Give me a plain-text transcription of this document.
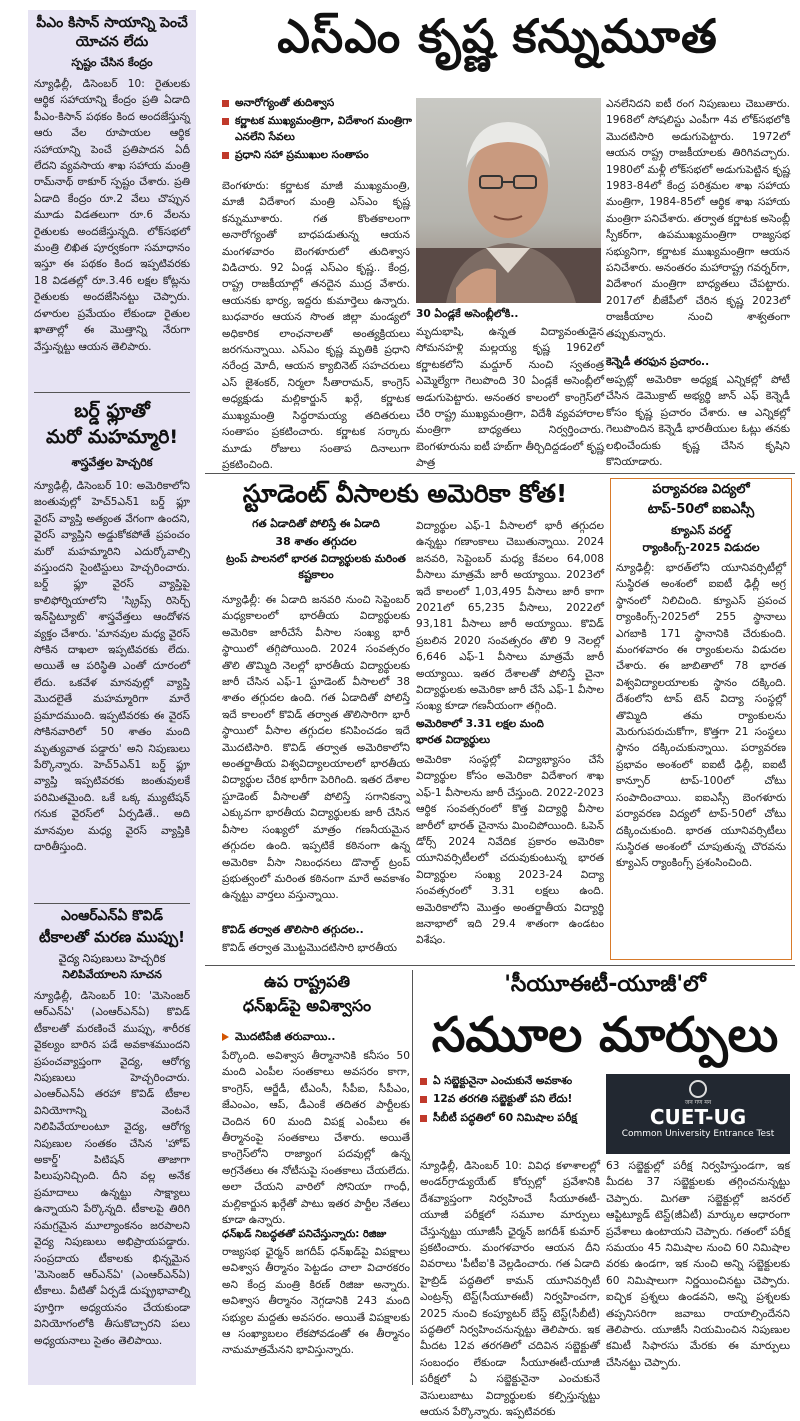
పీఎం కిసాన్ సాయాన్ని పెంచే యోచన లేదు
స్పష్టం చేసిన కేంద్రం
న్యూఢిల్లీ, డిసెంబర్ 10: రైతులకు ఆర్థిక సహాయాన్ని కేంద్రం ప్రతి ఏడాది పీఎం-కిసాన్ పథకం కింద అందజేస్తున్న ఆరు వేల రూపాయల ఆర్థిక సహాయాన్ని పెంచే ప్రతిపాదన ఏదీ లేదని వ్యవసాయ శాఖ సహాయ మంత్రి రామ్‌నాథ్ ఠాకూర్ స్పష్టం చేశారు. ప్రతి ఏడాది కేంద్రం రూ.2 వేలు చొప్పున మూడు విడతలుగా రూ.6 వేలను రైతులకు అందజేస్తున్నది. లోక్‌సభలో మంత్రి లిఖిత పూర్వకంగా సమాధానం ఇస్తూ ఈ పథకం కింద ఇప్పటివరకు 18 విడతల్లో రూ.3.46 లక్షల కోట్లను రైతులకు అందజేసినట్టు చెప్పారు. దళారుల ప్రమేయం లేకుండా రైతుల ఖాతాల్లో ఈ మొత్తాన్ని నేరుగా వేస్తున్నట్టు ఆయన తెలిపారు.
బర్డ్ ఫ్లూతో
మరో మహమ్మారి!
శాస్త్రవేత్తల హెచ్చరిక
న్యూఢిల్లీ, డిసెంబర్ 10: అమెరికాలోని జంతువుల్లో హెచ్5ఎన్1 బర్డ్ ఫ్లూ వైరస్ వ్యాప్తి అత్యంత వేగంగా ఉందని, వైరస్ వ్యాప్తిని అడ్డుకోకపోతే ప్రపంచం మరో మహమ్మారిని ఎదుర్కోవాల్సి వస్తుందని సైంటిస్టులు హెచ్చరించారు. బర్డ్ ఫ్లూ వైరస్ వ్యాప్తిపై కాలిఫోర్నియాలోని 'స్క్రిప్స్ రిసెర్చ్ ఇన్‌స్టిట్యూట్' శాస్త్రవేత్తలు ఆందోళన వ్యక్తం చేశారు. 'మానవుల మధ్య వైరస్ సోకిన దాఖలా ఇప్పటివరకు లేదు. అయితే ఆ పరిస్థితి ఎంతో దూరంలో లేదు. ఒకవేళ మానవుల్లో వ్యాప్తి మొదలైతే మహమ్మారిగా మారే ప్రమాదముంది. ఇప్పటివరకు ఈ వైరస్ సోకినవారిలో 50 శాతం మంది మృత్యువాత పడ్డారు' అని నిపుణులు పేర్కొన్నారు. హెచ్5ఎన్1 బర్డ్ ఫ్లూ వ్యాప్తి ఇప్పటివరకు జంతువులకే పరిమితమైంది. ఒకే ఒక్క మ్యుటేషన్ గనుక వైరస్‌లో ఏర్పడితే.. అది మానవుల మధ్య వైరస్ వ్యాప్తికి దారితీస్తుంది.
ఎంఆర్ఎన్ఏ కొవిడ్
టీకాలతో మరణ ముప్పు!
వైద్య నిపుణులు హెచ్చరిక
నిలిపివేయాలని సూచన
న్యూఢిల్లీ, డిసెంబర్ 10: 'మెసెంజర్ ఆర్ఎన్ఏ' (ఎంఆర్ఎన్ఏ) కొవిడ్ టీకాలతో మరణించే ముప్పు, శారీరక వైకల్యం బారిన పడే అవకాశముందని ప్రపంచవ్యాప్తంగా వైద్య, ఆరోగ్య నిపుణులు హెచ్చరించారు. ఎంఆర్ఎన్ఏ తరహా కొవిడ్ టీకాల వినియోగాన్ని వెంటనే నిలిపివేయాలంటూ వైద్య, ఆరోగ్య నిపుణుల సంతకం చేసిన 'హోప్ అకార్డ్' పిటిషన్ తాజాగా పిలుపునిచ్చింది. దీని వల్ల అనేక ప్రమాదాలు ఉన్నట్టు సాక్ష్యాలు ఉన్నాయని పేర్కొన్నది. టీకాలపై తిరిగి సమగ్రమైన మూల్యాంకనం జరపాలని వైద్య నిపుణులు అభిప్రాయపడ్డారు. సంప్రదాయ టీకాలకు భిన్నమైన 'మెసెంజర్ ఆర్ఎన్ఏ' (ఎంఆర్ఎన్ఏ) టీకాలు. వీటితో ఏర్పడే దుష్ప్రభావాల్ని పూర్తిగా అధ్యయనం చేయకుండా వినియోగంలోకి తీసుకొచ్చారని పలు అధ్యయనాలు సైతం తెలిపాయి.
ఎస్ఎం కృష్ణ కన్నుమూత
అనారోగ్యంతో తుదిశ్వాస
కర్ణాటక ముఖ్యమంత్రిగా, విదేశాంగ మంత్రిగా ఎనలేని సేవలు
ప్రధాని సహా ప్రముఖుల సంతాపం
బెంగళూరు: కర్ణాటక మాజీ ముఖ్యమంత్రి, మాజీ విదేశాంగ మంత్రి ఎస్ఎం కృష్ణ కన్నుమూశారు. గత కొంతకాలంగా అనారోగ్యంతో బాధపడుతున్న ఆయన మంగళవారం బెంగళూరులో తుదిశ్వాస విడిచారు. 92 ఏండ్ల ఎస్ఎం కృష్ణ.. కేంద్ర, రాష్ట్ర రాజకీయాల్లో తనదైన ముద్ర వేశారు. ఆయనకు భార్య, ఇద్దరు కుమార్తెలు ఉన్నారు. బుధవారం ఆయన సొంత జిల్లా మండ్యలో అధికారిక లాంఛనాలతో అంత్యక్రియలు జరగనున్నాయి. ఎస్ఎం కృష్ణ మృతికి ప్రధాని నరేంద్ర మోదీ, ఆయన క్యాబినెట్ సహచరులు ఎస్ జైశంకర్, నిర్మలా సీతారామన్, కాంగ్రెస్ అధ్యక్షుడు మల్లికార్జున్ ఖర్గే, కర్ణాటక ముఖ్యమంత్రి సిద్ధరామయ్య తదితరులు సంతాపం ప్రకటించారు. కర్ణాటక సర్కారు మూడు రోజులు సంతాప దినాలుగా ప్రకటించింది.
30 ఏండ్లకే అసెంబ్లీలోకి..
మృదుభాషి, ఉన్నత విద్యావంతుడైన సోమనహళ్లి మల్లయ్య కృష్ణ 1962లో కర్ణాటకలోని మద్దూర్ నుంచి స్వతంత్ర ఎమ్మెల్యేగా గెలుపొంది 30 ఏండ్లకే అసెంబ్లీలో అడుగుపెట్టారు. అనంతర కాలంలో కాంగ్రెస్‌లో చేరి రాష్ట్ర ముఖ్యమంత్రిగా, విదేశీ వ్యవహారాల మంత్రిగా బాధ్యతలు నిర్వర్తించారు. బెంగళూరును ఐటీ హబ్‌గా తీర్చిదిద్దడంలో కృష్ణ పాత్ర
ఎనలేనిదని ఐటీ రంగ నిపుణులు చెబుతారు. 1968లో సోషలిస్టు ఎంపీగా 4వ లోక్‌సభలోకి మొదటిసారి అడుగుపెట్టారు. 1972లో ఆయన రాష్ట్ర రాజకీయాలకు తిరిగివచ్చారు. 1980లో మళ్లీ లోక్‌సభలో అడుగుపెట్టిన కృష్ణ 1983-84లో కేంద్ర పరిశ్రమల శాఖ సహాయ మంత్రిగా, 1984-85లో ఆర్థిక శాఖ సహాయ మంత్రిగా పనిచేశారు. తర్వాత కర్ణాటక అసెంబ్లీ స్పీకర్‌గా, ఉపముఖ్యమంత్రిగా రాజ్యసభ సభ్యునిగా, కర్ణాటక ముఖ్యమంత్రిగా ఆయన పనిచేశారు. అనంతరం మహారాష్ట్ర గవర్నర్‌గా, విదేశాంగ మంత్రిగా బాధ్యతలు చేపట్టారు. 2017లో బీజేపీలో చేరిన కృష్ణ 2023లో రాజకీయాల నుంచి శాశ్వతంగా తప్పుకున్నారు.
కెన్నెడీ తరఫున ప్రచారం..
అప్పట్లో అమెరికా అధ్యక్ష ఎన్నికల్లో పోటీ చేసిన డెమొక్రాట్ అభ్యర్థి జాన్ ఎఫ్ కెన్నెడీ కోసం కృష్ణ ప్రచారం చేశారు. ఆ ఎన్నికల్లో గెలుపొందిన కెన్నెడీ భారతీయుల ఓట్లు తనకు లభించేందుకు కృష్ణ చేసిన కృషిని కొనియాడారు.
స్టూడెంట్ వీసాలకు అమెరికా కోత!
గత ఏడాదితో పోలిస్తే ఈ ఏడాది
38 శాతం తగ్గుదల
ట్రంప్ పాలనలో భారత విద్యార్థులకు మరింత కష్టకాలం
న్యూఢిల్లీ: ఈ ఏడాది జనవరి నుంచి సెప్టెంబర్ మధ్యకాలంలో భారతీయ విద్యార్థులకు అమెరికా జారీచేసే వీసాల సంఖ్య భారీ స్థాయిలో తగ్గిపోయింది. 2024 సంవత్సరం తొలి తొమ్మిది నెలల్లో భారతీయ విద్యార్థులకు జారీ చేసిన ఎఫ్-1 స్టూడెంట్ వీసాలలో 38 శాతం తగ్గుదల ఉంది. గత ఏడాదితో పోలిస్తే ఇదే కాలంలో కొవిడ్ తర్వాత తొలిసారిగా భారీ స్థాయిలో వీసాల తగ్గుదల కనిపించడం ఇదే మొదటిసారి. కొవిడ్ తర్వాత అమెరికాలోని అంతర్జాతీయ విశ్వవిద్యాలయాలలో భారతీయ విద్యార్థుల చేరిక భారీగా పెరిగింది. ఇతర దేశాల స్టూడెంట్ వీసాలతో పోలిస్తే సగానికన్నా ఎక్కువగా భారతీయ విద్యార్థులకు జారీ చేసిన వీసాల సంఖ్యలో మాత్రం గణనీయమైన తగ్గుదల ఉంది. ఇప్పటికే కఠినంగా ఉన్న అమెరికా వీసా నిబంధనలు డొనాల్డ్ ట్రంప్ ప్రభుత్వంలో మరింత కఠినంగా మారే అవకాశం ఉన్నట్టు వార్తలు వస్తున్నాయి.
కొవిడ్ తర్వాత తొలిసారి తగ్గుదల..
కొవిడ్ తర్వాత మొట్టమొదటిసారి భారతీయ
విద్యార్థుల ఎఫ్-1 వీసాలలో భారీ తగ్గుదల ఉన్నట్టు గణాంకాలు చెబుతున్నాయి. 2024 జనవరి, సెప్టెంబర్ మధ్య కేవలం 64,008 వీసాలు మాత్రమే జారీ అయ్యాయి. 2023లో ఇదే కాలంలో 1,03,495 వీసాలు జారీ కాగా 2021లో 65,235 వీసాలు, 2022లో 93,181 వీసాలు జారీ అయ్యాయి. కొవిడ్ ప్రబలిన 2020 సంవత్సరం తొలి 9 నెలల్లో 6,646 ఎఫ్-1 వీసాలు మాత్రమే జారీ అయ్యాయి. ఇతర దేశాలతో పోలిస్తే చైనా విద్యార్థులకు అమెరికా జారీ చేసే ఎఫ్-1 వీసాల సంఖ్య కూడా గణనీయంగా తగ్గింది.
అమెరికాలో 3.31 లక్షల మంది
భారత విద్యార్థులు
అమెరికా సంస్థల్లో విద్యాభ్యాసం చేసే విద్యార్థుల కోసం అమెరికా విదేశాంగ శాఖ ఎఫ్-1 వీసాలను జారీ చేస్తుంది. 2022-2023 ఆర్థిక సంవత్సరంలో కొత్త విద్యార్థి వీసాల జారీలో భారత్ చైనాను మించిపోయింది. ఓపెన్ డోర్స్ 2024 నివేదిక ప్రకారం అమెరికా యూనివర్సిటీలలో చదువుకుంటున్న భారత విద్యార్థుల సంఖ్య 2023-24 విద్యా సంవత్సరంలో 3.31 లక్షలు ఉంది. అమెరికాలోని మొత్తం అంతర్జాతీయ విద్యార్థి జనాభాలో ఇది 29.4 శాతంగా ఉండటం విశేషం.
పర్యావరణ విద్యలో
టాప్-50లో ఐఐఎస్సీ
క్యూఎస్ వరల్డ్
ర్యాంకింగ్స్-2025 విడుదల
న్యూఢిల్లీ: భారత్‌లోని యూనివర్సిటీల్లో సుస్థిరత అంశంలో ఐఐటీ ఢిల్లీ అగ్ర స్థానంలో నిలిచింది. క్యూఎస్ ప్రపంచ ర్యాంకింగ్స్-2025లో 255 స్థానాలు ఎగబాకి 171 స్థానానికి చేరుకుంది. మంగళవారం ఈ ర్యాంకులను విడుదల చేశారు. ఈ జాబితాలో 78 భారత విశ్వవిద్యాలయాలకు స్థానం దక్కింది. దేశంలోని టాప్ టెన్ విద్యా సంస్థల్లో తొమ్మిది తమ ర్యాంకులను మెరుగుపరుచుకోగా, కొత్తగా 21 సంస్థలు స్థానం దక్కించుకున్నాయి. పర్యావరణ ప్రభావం అంశంలో ఐఐటీ ఢిల్లీ, ఐఐటీ కాన్పూర్ టాప్-100లో చోటు సంపాదించాయి. ఐఐఎస్సీ బెంగళూరు పర్యావరణ విద్యలో టాప్-50లో చోటు దక్కించుకుంది. భారత యూనివర్సిటీలు సుస్థిరత అంశంలో చూపుతున్న చొరవను క్యూఎస్ ర్యాంకింగ్స్ ప్రశంసించింది.
ఉప రాష్ట్రపతి
ధన్‌ఖడ్‌పై అవిశ్వాసం
మొదటిపేజీ తరువాయి..
పేర్కొంది. అవిశ్వాస తీర్మానానికి కనీసం 50 మంది ఎంపీల సంతకాలు అవసరం కాగా, కాంగ్రెస్, ఆర్జేడీ, టీఎంసీ, సీపీఐ, సీపీఎం, జేఎంఎం, ఆప్, డీఎంకే తదితర పార్టీలకు చెందిన 60 మంది విపక్ష ఎంపీలు ఈ తీర్మానంపై సంతకాలు చేశారు. అయితే కాంగ్రెస్‌లోని రాజ్యాంగ పదవుల్లో ఉన్న అగ్రనేతలు ఈ నోటీసుపై సంతకాలు చేయలేదు. అలా చేయని వారిలో సోనియా గాంధీ, మల్లికార్జున ఖర్గేతో పాటు ఇతర పార్టీల నేతలు కూడా ఉన్నారు.
ధన్‌ఖడ్ నిబద్ధతతో పనిచేస్తున్నారు: రిజిజు
రాజ్యసభ ఛైర్మన్ జగదీప్ ధన్‌ఖడ్‌పై విపక్షాలు అవిశ్వాస తీర్మానం పెట్టడం చాలా విచారకరం అని కేంద్ర మంత్రి కిరణ్ రిజిజు అన్నారు. అవిశ్వాస తీర్మానం నెగ్గడానికి 243 మంది సభ్యుల మద్దతు అవసరం. అయితే విపక్షాలకు ఆ సంఖ్యాబలం లేకపోవడంతో ఈ తీర్మానం నామమాత్రమేనని భావిస్తున్నారు.
'సీయూఈటీ-యూజీ'లో
సమూల మార్పులు
ఏ సబ్జెక్టునైనా ఎంచుకునే అవకాశం
12వ తరగతి సబ్జెక్టుతో పని లేదు!
సీబీటీ పద్ధతిలో 60 నిమిషాల పరీక్ష
जन गण मन
CUET-UG
Common University Entrance Test
న్యూఢిల్లీ, డిసెంబర్ 10: వివిధ కళాశాలల్లో అండర్‌గ్రాడ్యుయేట్ కోర్సుల్లో ప్రవేశానికి దేశవ్యాప్తంగా నిర్వహించే సీయూఈటీ-యూజీ పరీక్షలో సమూల మార్పులు చేస్తున్నట్టు యూజీసీ ఛైర్మన్ జగదీశ్ కుమార్ ప్రకటించారు. మంగళవారం ఆయన దీని వివరాలు 'పీటీఐ'కి వెల్లడించారు. గత ఏడాది హైబ్రిడ్ పద్ధతిలో కామన్ యూనివర్సిటీ ఎంట్రన్స్ టెస్ట్(సీయూఈటీ) నిర్వహించగా, 2025 నుంచి కంప్యూటర్ బేస్డ్ టెస్ట్(సీబీటీ) పద్ధతిలో నిర్వహించనున్నట్టు తెలిపారు. ఇక మీదట 12వ తరగతిలో చదివిన సబ్జెక్టుతో సంబంధం లేకుండా సీయూఈటీ-యూజీ పరీక్షలో ఏ సబ్జెక్టునైనా ఎంచుకునే వెసులుబాటు విద్యార్థులకు కల్పిస్తున్నట్టు ఆయన పేర్కొన్నారు. ఇప్పటివరకు
63 సబ్జెక్టుల్లో పరీక్ష నిర్వహిస్తుండగా, ఇక మీదట 37 సబ్జెక్టులకు తగ్గించనున్నట్టు చెప్పారు. మిగతా సబ్జెక్టుల్లో జనరల్ ఆప్టిట్యూడ్ టెస్ట్(జీఏటీ) మార్కుల ఆధారంగా ప్రవేశాలు ఉంటాయని చెప్పారు. గతంలో పరీక్ష సమయం 45 నిమిషాల నుంచి 60 నిమిషాల వరకు ఉండగా, ఇక నుంచి అన్ని సబ్జెక్టులకు 60 నిమిషాలుగా నిర్ణయించినట్టు చెప్పారు. ఐచ్ఛిక ప్రశ్నలు ఉండవని, అన్ని ప్రశ్నలకు తప్పనిసరిగా జవాబు రాయాల్సిందేనని తెలిపారు. యూజీసీ నియమించిన నిపుణుల కమిటీ సిఫారసు మేరకు ఈ మార్పులు చేసినట్టు చెప్పారు.
